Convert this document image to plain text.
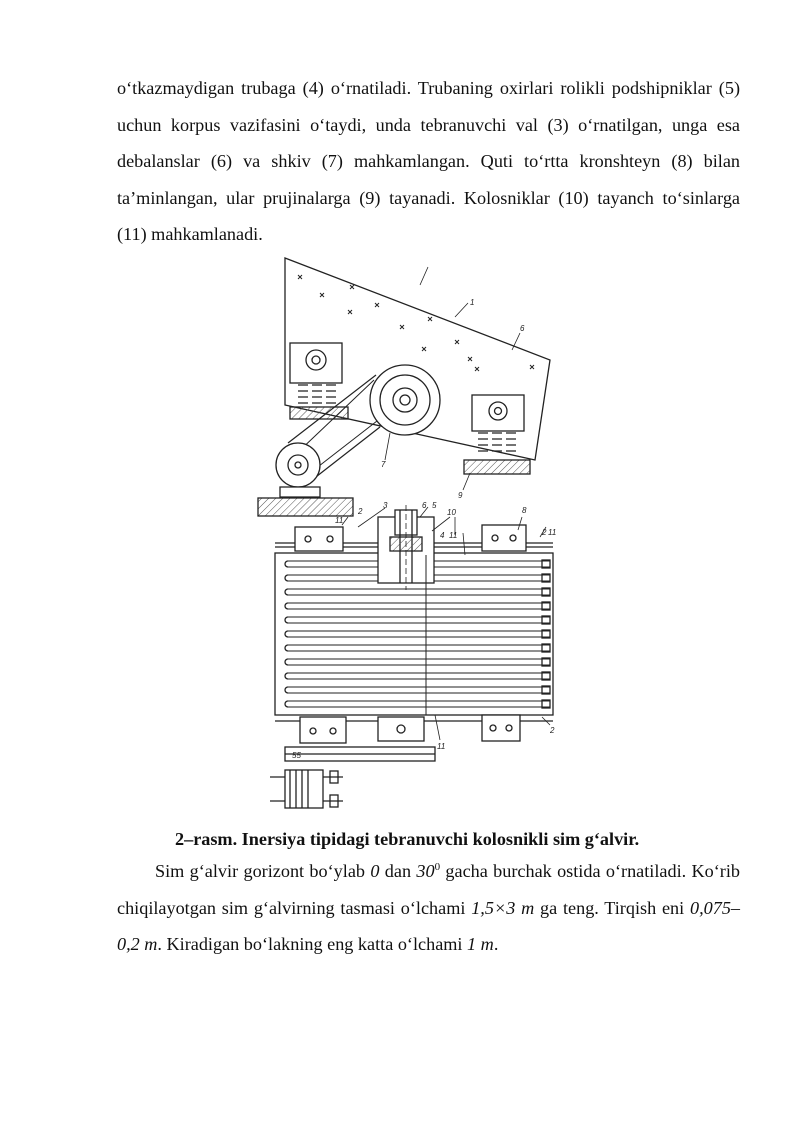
o‘tkazmaydigan trubaga (4) o‘rnatiladi. Trubaning oxirlari rolikli podshipniklar (5) uchun korpus vazifasini o‘taydi, unda tebranuvchi val (3) o‘rnatilgan, unga esa debalanslar (6) va shkiv (7) mahkamlangan. Quti to‘rtta kronshteyn (8) bilan ta’minlangan, ular prujinalarga (9) tayanadi. Kolosniklar (10) tayanch to‘sinlarga (11) mahkamlanadi.
1
6
7
9
11
2
3	6 5
4 11
10	8
2 11
2
11
55
2–rasm. Inersiya tipidagi tebranuvchi kolosnikli sim g‘alvir.
Sim g‘alvir gorizont bo‘ylab 0 dan $30^0$ gacha burchak ostida o‘rnatiladi. Ko‘rib chiqilayotgan sim g‘alvirning tasmasi o‘lchami 1,5×3 m ga teng. Tirqish eni 0,075–0,2 m. Kiradigan bo‘lakning eng katta o‘lchami 1 m.
